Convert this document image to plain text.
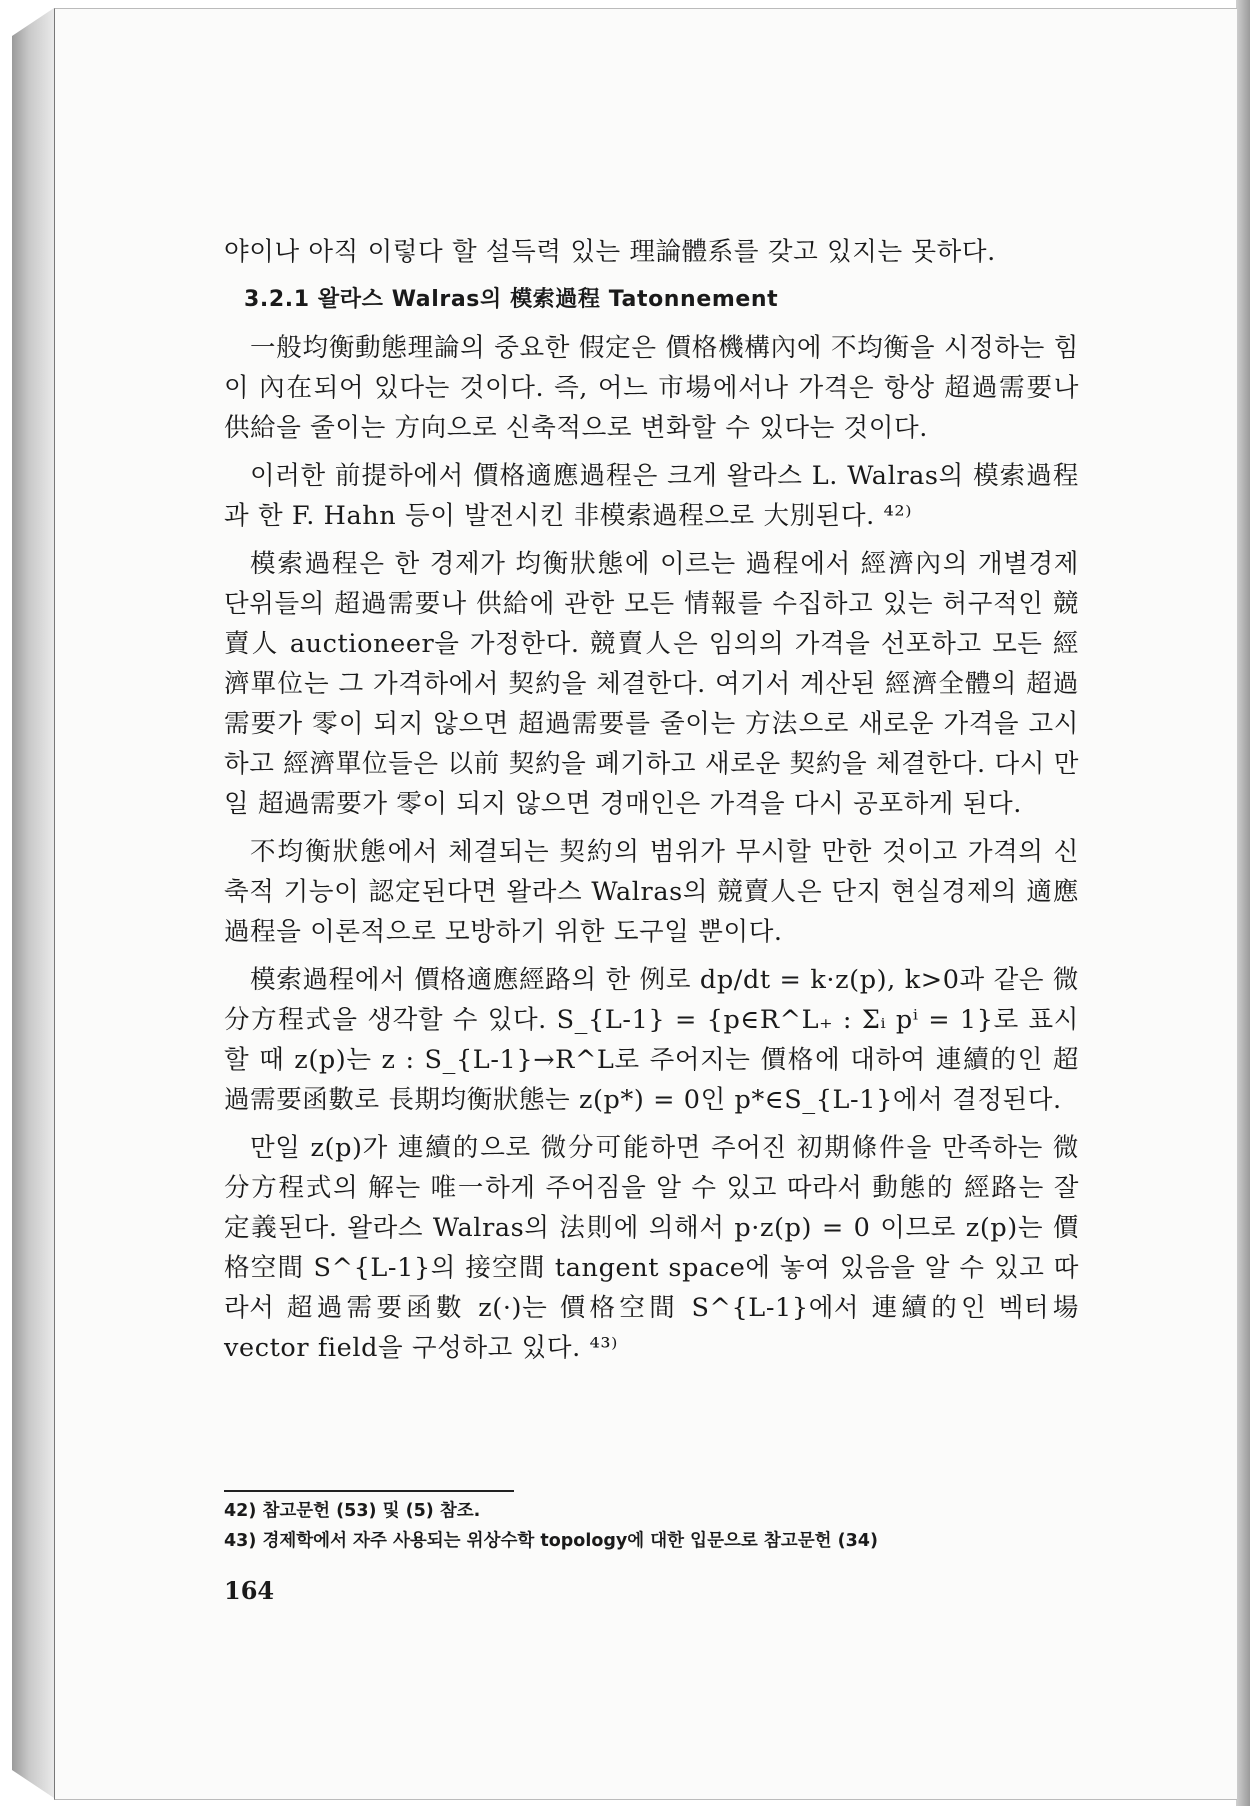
야이나 아직 이렇다 할 설득력 있는 理論體系를 갖고 있지는 못하다.

3.2.1 왈라스 Walras의 模索過程 Tatonnement

一般均衡動態理論의 중요한 假定은 價格機構內에 不均衡을 시정하는 힘이 內在되어 있다는 것이다. 즉, 어느 市場에서나 가격은 항상 超過需要나 供給을 줄이는 方向으로 신축적으로 변화할 수 있다는 것이다.

이러한 前提하에서 價格適應過程은 크게 왈라스 L. Walras의 模索過程과 한 F. Hahn 등이 발전시킨 非模索過程으로 大別된다. ⁴²⁾

模索過程은 한 경제가 均衡狀態에 이르는 過程에서 經濟內의 개별경제단위들의 超過需要나 供給에 관한 모든 情報를 수집하고 있는 허구적인 競賣人 auctioneer을 가정한다. 競賣人은 임의의 가격을 선포하고 모든 經濟單位는 그 가격하에서 契約을 체결한다. 여기서 계산된 經濟全體의 超過需要가 零이 되지 않으면 超過需要를 줄이는 方法으로 새로운 가격을 고시하고 經濟單位들은 以前 契約을 폐기하고 새로운 契約을 체결한다. 다시 만일 超過需要가 零이 되지 않으면 경매인은 가격을 다시 공포하게 된다.

不均衡狀態에서 체결되는 契約의 범위가 무시할 만한 것이고 가격의 신축적 기능이 認定된다면 왈라스 Walras의 競賣人은 단지 현실경제의 適應過程을 이론적으로 모방하기 위한 도구일 뿐이다.

模索過程에서 價格適應經路의 한 例로 dp/dt = k·z(p), k>0과 같은 微分方程式을 생각할 수 있다. S_{L-1} = {p∈R^L₊ : Σᵢ pⁱ = 1}로 표시할 때 z(p)는 z : S_{L-1}→R^L로 주어지는 價格에 대하여 連續的인 超過需要函數로 長期均衡狀態는 z(p*) = 0인 p*∈S_{L-1}에서 결정된다.

만일 z(p)가 連續的으로 微分可能하면 주어진 初期條件을 만족하는 微分方程式의 解는 唯一하게 주어짐을 알 수 있고 따라서 動態的 經路는 잘 定義된다. 왈라스 Walras의 法則에 의해서 p·z(p) = 0 이므로 z(p)는 價格空間 S^{L-1}의 接空間 tangent space에 놓여 있음을 알 수 있고 따라서 超過需要函數 z(·)는 價格空間 S^{L-1}에서 連續的인 벡터場 vector field을 구성하고 있다. ⁴³⁾

42) 참고문헌 (53) 및 (5) 참조.

43) 경제학에서 자주 사용되는 위상수학 topology에 대한 입문으로 참고문헌 (34)

164
